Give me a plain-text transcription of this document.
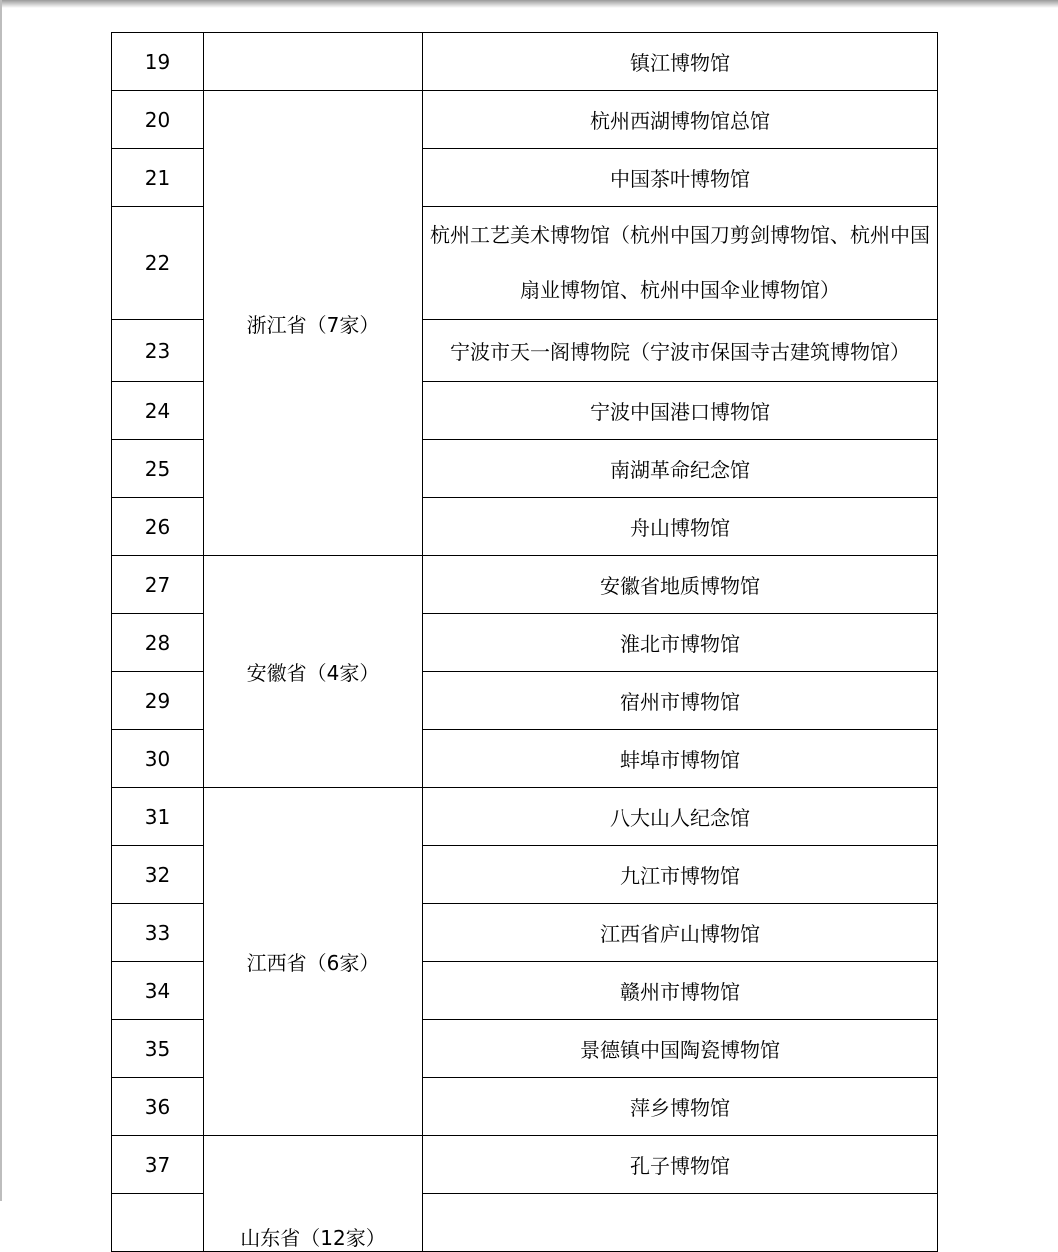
19		镇江博物馆
20	浙江省（7家）	杭州西湖博物馆总馆
21		中国茶叶博物馆
22		杭州工艺美术博物馆（杭州中国刀剪剑博物馆、杭州中国扇业博物馆、杭州中国伞业博物馆）
23		宁波市天一阁博物院（宁波市保国寺古建筑博物馆）
24		宁波中国港口博物馆
25		南湖革命纪念馆
26		舟山博物馆
27	安徽省（4家）	安徽省地质博物馆
28		淮北市博物馆
29		宿州市博物馆
30		蚌埠市博物馆
31	江西省（6家）	八大山人纪念馆
32		九江市博物馆
33		江西省庐山博物馆
34		赣州市博物馆
35		景德镇中国陶瓷博物馆
36		萍乡博物馆
37	山东省（12家）	孔子博物馆
